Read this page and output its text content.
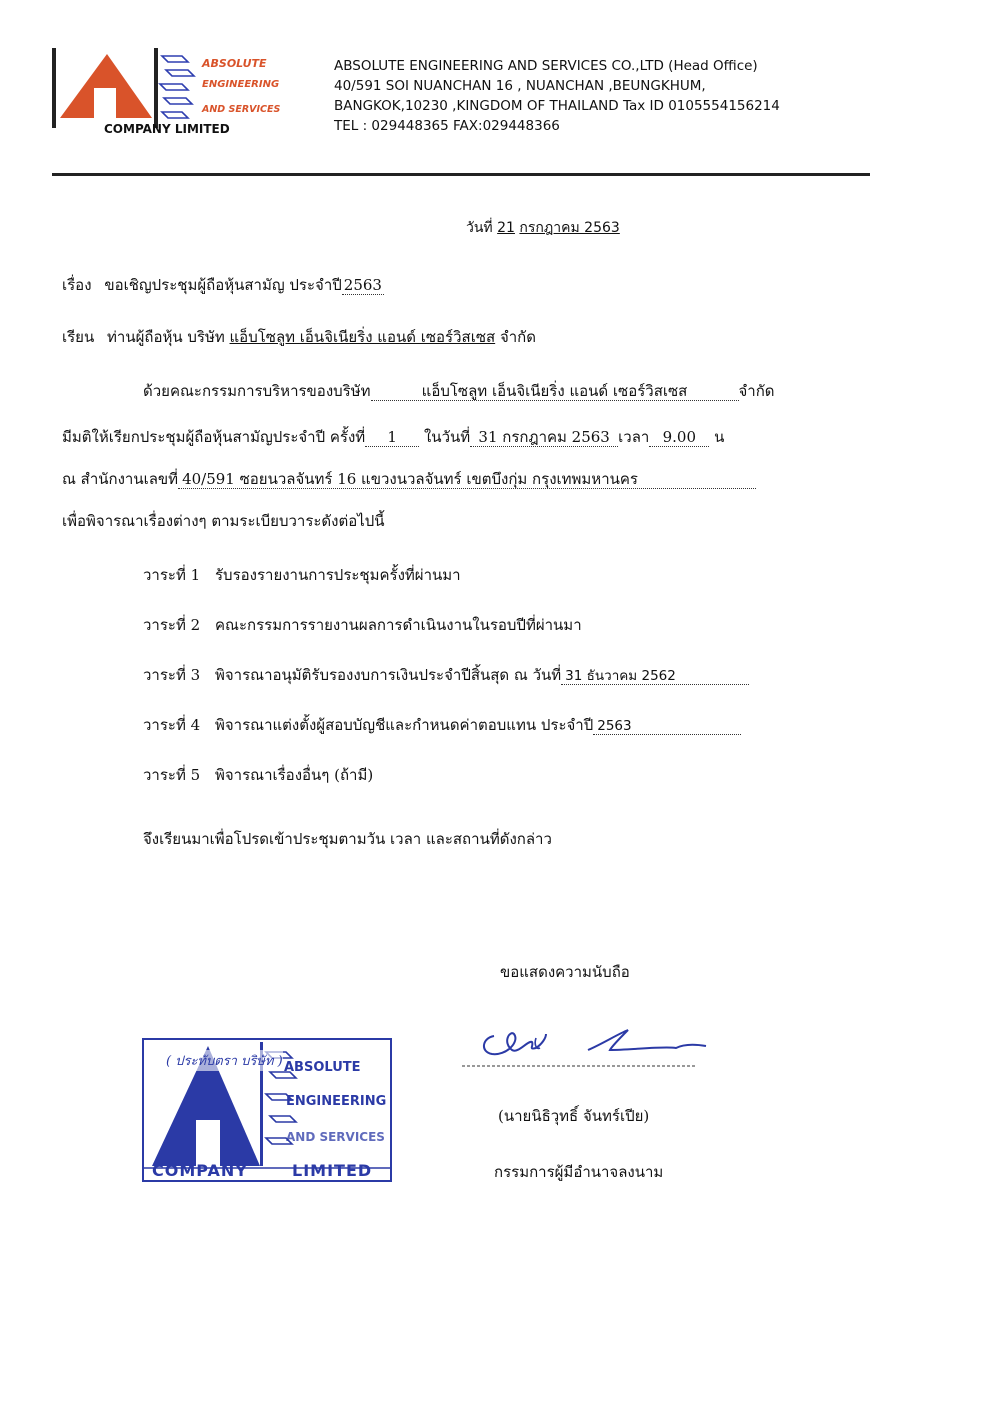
ABSOLUTE
ENGINEERING
AND SERVICES
COMPANY LIMITED
ABSOLUTE ENGINEERING AND SERVICES CO.,LTD (Head Office)
40/591 SOI NUANCHAN 16 , NUANCHAN ,BEUNGKHUM,
BANGKOK,10230 ,KINGDOM OF THAILAND Tax ID 0105554156214
TEL : 029448365 FAX:029448366
วันที่ 21 กรกฎาคม 2563
เรื่อง ขอเชิญประชุมผู้ถือหุ้นสามัญ ประจำปี 2563
เรียน ท่านผู้ถือหุ้น บริษัท แอ็บโซลูท เอ็นจิเนียริ่ง แอนด์ เซอร์วิสเซส จำกัด
ด้วยคณะกรรมการบริหารของบริษัท	แอ็บโซลูท เอ็นจิเนียริ่ง แอนด์ เซอร์วิสเซส	จำกัด
มีมติให้เรียกประชุมผู้ถือหุ้นสามัญประจำปี ครั้งที่ 1 ในวันที่ 31 กรกฎาคม 2563 เวลา 9.00 น
ณ สำนักงานเลขที่ 40/591 ซอยนวลจันทร์ 16 แขวงนวลจันทร์ เขตบึงกุ่ม กรุงเทพมหานคร
เพื่อพิจารณาเรื่องต่างๆ ตามระเบียบวาระดังต่อไปนี้
วาระที่ 1 รับรองรายงานการประชุมครั้งที่ผ่านมา
วาระที่ 2 คณะกรรมการรายงานผลการดำเนินงานในรอบปีที่ผ่านมา
วาระที่ 3 พิจารณาอนุมัติรับรองงบการเงินประจำปีสิ้นสุด ณ วันที่ 31 ธันวาคม 2562
วาระที่ 4 พิจารณาแต่งตั้งผู้สอบบัญชีและกำหนดค่าตอบแทน ประจำปี 2563
วาระที่ 5 พิจารณาเรื่องอื่นๆ (ถ้ามี)
จึงเรียนมาเพื่อโปรดเข้าประชุมตามวัน เวลา และสถานที่ดังกล่าว
ขอแสดงความนับถือ
(นายนิธิวุทธิ์ จันทร์เปีย)
กรรมการผู้มีอำนาจลงนาม
( ประทับตรา บริษัท ) ABSOLUTE
ENGINEERING
AND SERVICES
COMPANY	LIMITED
